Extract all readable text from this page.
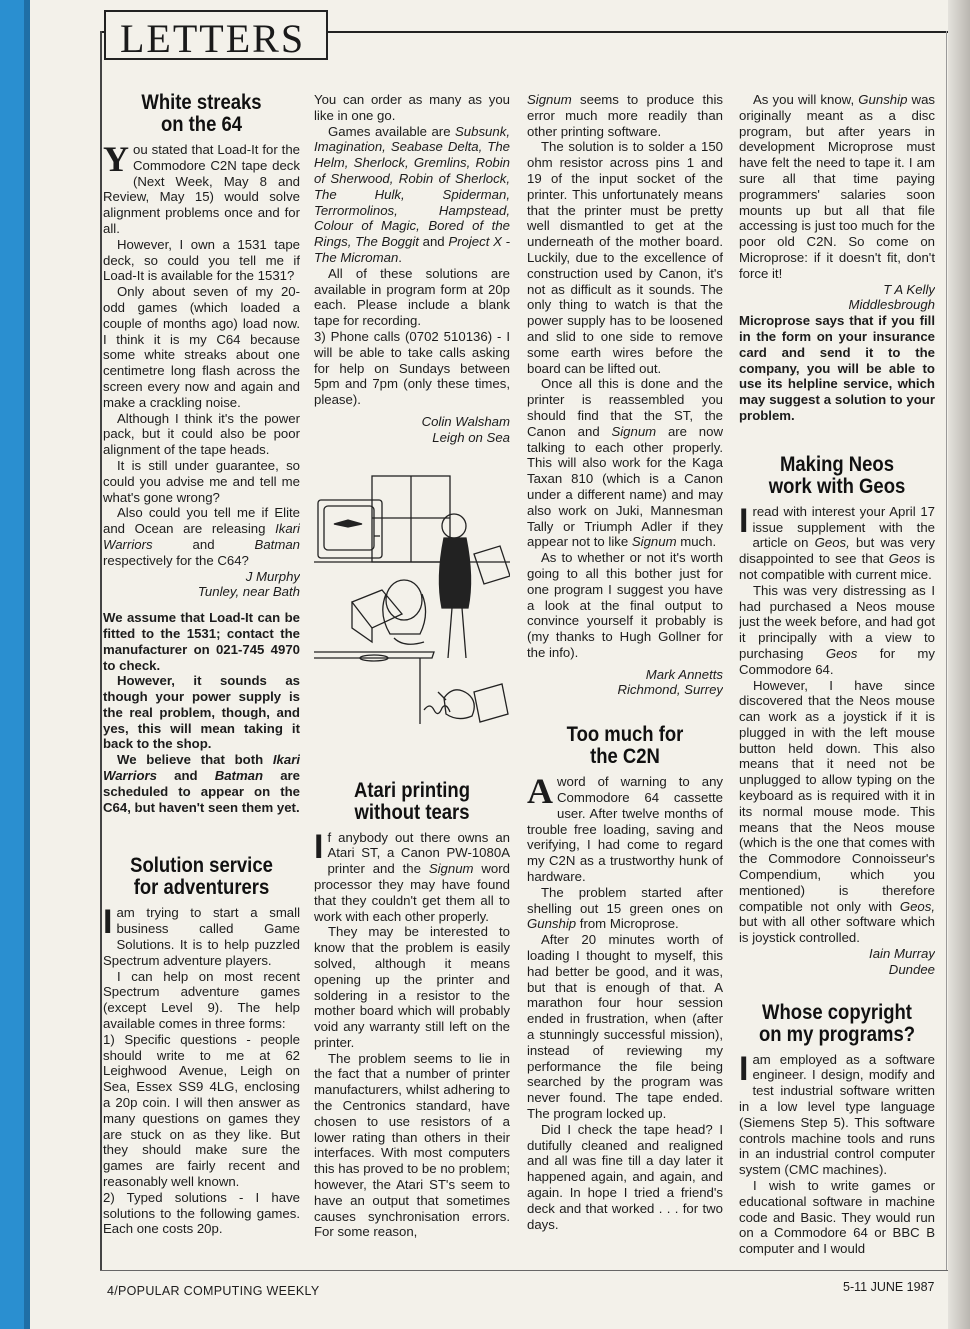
LETTERS
White streaks
on the 64

You stated that Load-It for the Commodore C2N tape deck (Next Week, May 8 and Review, May 15) would solve alignment problems once and for all.

However, I own a 1531 tape deck, so could you tell me if Load-It is available for the 1531?

Only about seven of my 20-odd games (which loaded a couple of months ago) load now. I think it is my C64 because some white streaks about one centimetre long flash across the screen every now and again and make a crackling noise.

Although I think it's the power pack, but it could also be poor alignment of the tape heads.

It is still under guarantee, so could you advise me and tell me what's gone wrong?

Also could you tell me if Elite and Ocean are releasing Ikari Warriors and Batman respectively for the C64?

J Murphy

Tunley, near Bath

We assume that Load-It can be fitted to the 1531; contact the manufacturer on 021-745 4970 to check.

However, it sounds as though your power supply is the real problem, though, and yes, this will mean taking it back to the shop.

We believe that both Ikari Warriors and Batman are scheduled to appear on the C64, but haven't seen them yet.

Solution service
for adventurers

Iam trying to start a small business called Game Solutions. It is to help puzzled Spectrum adventure players.

I can help on most recent Spectrum adventure games (except Level 9). The help available comes in three forms:

1) Specific questions - people should write to me at 62 Leighwood Avenue, Leigh on Sea, Essex SS9 4LG, enclosing a 20p coin. I will then answer as many questions on games they are stuck on as they like. But they should make sure the games are fairly recent and reasonably well known.

2) Typed solutions - I have solutions to the following games. Each one costs 20p.

You can order as many as you like in one go.

Games available are Subsunk, Imagination, Seabase Delta, The Helm, Sherlock, Gremlins, Robin of Sherwood, Robin of Sherlock, The Hulk, Spiderman, Terrormolinos, Hampstead, Colour of Magic, Bored of the Rings, The Boggit and Project X - The Microman.

All of these solutions are available in program form at 20p each. Please include a blank tape for recording.

3) Phone calls (0702 510136) - I will be able to take calls asking for help on Sundays between 5pm and 7pm (only these times, please).

Colin Walsham

Leigh on Sea

Atari printing
without tears

If anybody out there owns an Atari ST, a Canon PW-1080A printer and the Signum word processor they may have found that they couldn't get them all to work with each other properly.

They may be interested to know that the problem is easily solved, although it means opening up the printer and soldering in a resistor to the mother board which will probably void any warranty still left on the printer.

The problem seems to lie in the fact that a number of printer manufacturers, whilst adhering to the Centronics standard, have chosen to use resistors of a lower rating than others in their interfaces. With most computers this has proved to be no problem; however, the Atari ST's seem to have an output that sometimes causes synchronisation errors. For some reason,

Signum seems to produce this error much more readily than other printing software.

The solution is to solder a 150 ohm resistor across pins 1 and 19 of the input socket of the printer. This unfortunately means that the printer must be pretty well dismantled to get at the underneath of the mother board. Luckily, due to the excellence of construction used by Canon, it's not as difficult as it sounds. The only thing to watch is that the power supply has to be loosened and slid to one side to remove some earth wires before the board can be lifted out.

Once all this is done and the printer is reassembled you should find that the ST, the Canon and Signum are now talking to each other properly. This will also work for the Kaga Taxan 810 (which is a Canon under a different name) and may also work on Juki, Mannesman Tally or Triumph Adler if they appear not to like Signum much.

As to whether or not it's worth going to all this bother just for one program I suggest you have a look at the final output to convince yourself it probably is (my thanks to Hugh Gollner for the info).

Mark Annetts

Richmond, Surrey

Too much for
the C2N

A word of warning to any Commodore 64 cassette user. After twelve months of trouble free loading, saving and verifying, I had come to regard my C2N as a trustworthy hunk of hardware.

The problem started after shelling out 15 green ones on Gunship from Microprose.

After 20 minutes worth of loading I thought to myself, this had better be good, and it was, but that is enough of that. A marathon four hour session ended in frustration, when (after a stunningly successful mission), instead of reviewing my performance the file being searched by the program was never found. The tape ended. The program locked up.

Did I check the tape head? I dutifully cleaned and realigned and all was fine till a day later it happened again, and again, and again. In hope I tried a friend's deck and that worked . . . for two days.

As you will know, Gunship was originally meant as a disc program, but after years in development Microprose must have felt the need to tape it. I am sure all that time paying programmers' salaries soon mounts up but all that file accessing is just too much for the poor old C2N. So come on Microprose: if it doesn't fit, don't force it!

T A Kelly

Middlesbrough

Microprose says that if you fill in the form on your insurance card and send it to the company, you will be able to use its helpline service, which may suggest a solution to your problem.

Making Neos
work with Geos

I read with interest your April 17 issue supplement with the article on Geos, but was very disappointed to see that Geos is not compatible with current mice.

This was very distressing as I had purchased a Neos mouse just the week before, and had got it principally with a view to purchasing Geos for my Commodore 64.

However, I have since discovered that the Neos mouse can work as a joystick if it is plugged in with the left mouse button held down. This also means that it need not be unplugged to allow typing on the keyboard as is required with it in its normal mouse mode. This means that the Neos mouse (which is the one that comes with the Commodore Connoisseur's Compendium, which you mentioned) is therefore compatible not only with Geos, but with all other software which is joystick controlled.

Iain Murray

Dundee

Whose copyright
on my programs?

I am employed as a software engineer. I design, modify and test industrial software written in a low level type language (Siemens Step 5). This software controls machine tools and runs in an industrial control computer system (CMC machines).

I wish to write games or educational software in machine code and Basic. They would run on a Commodore 64 or BBC B computer and I would

4/POPULAR COMPUTING WEEKLY	5-11 JUNE 1987
